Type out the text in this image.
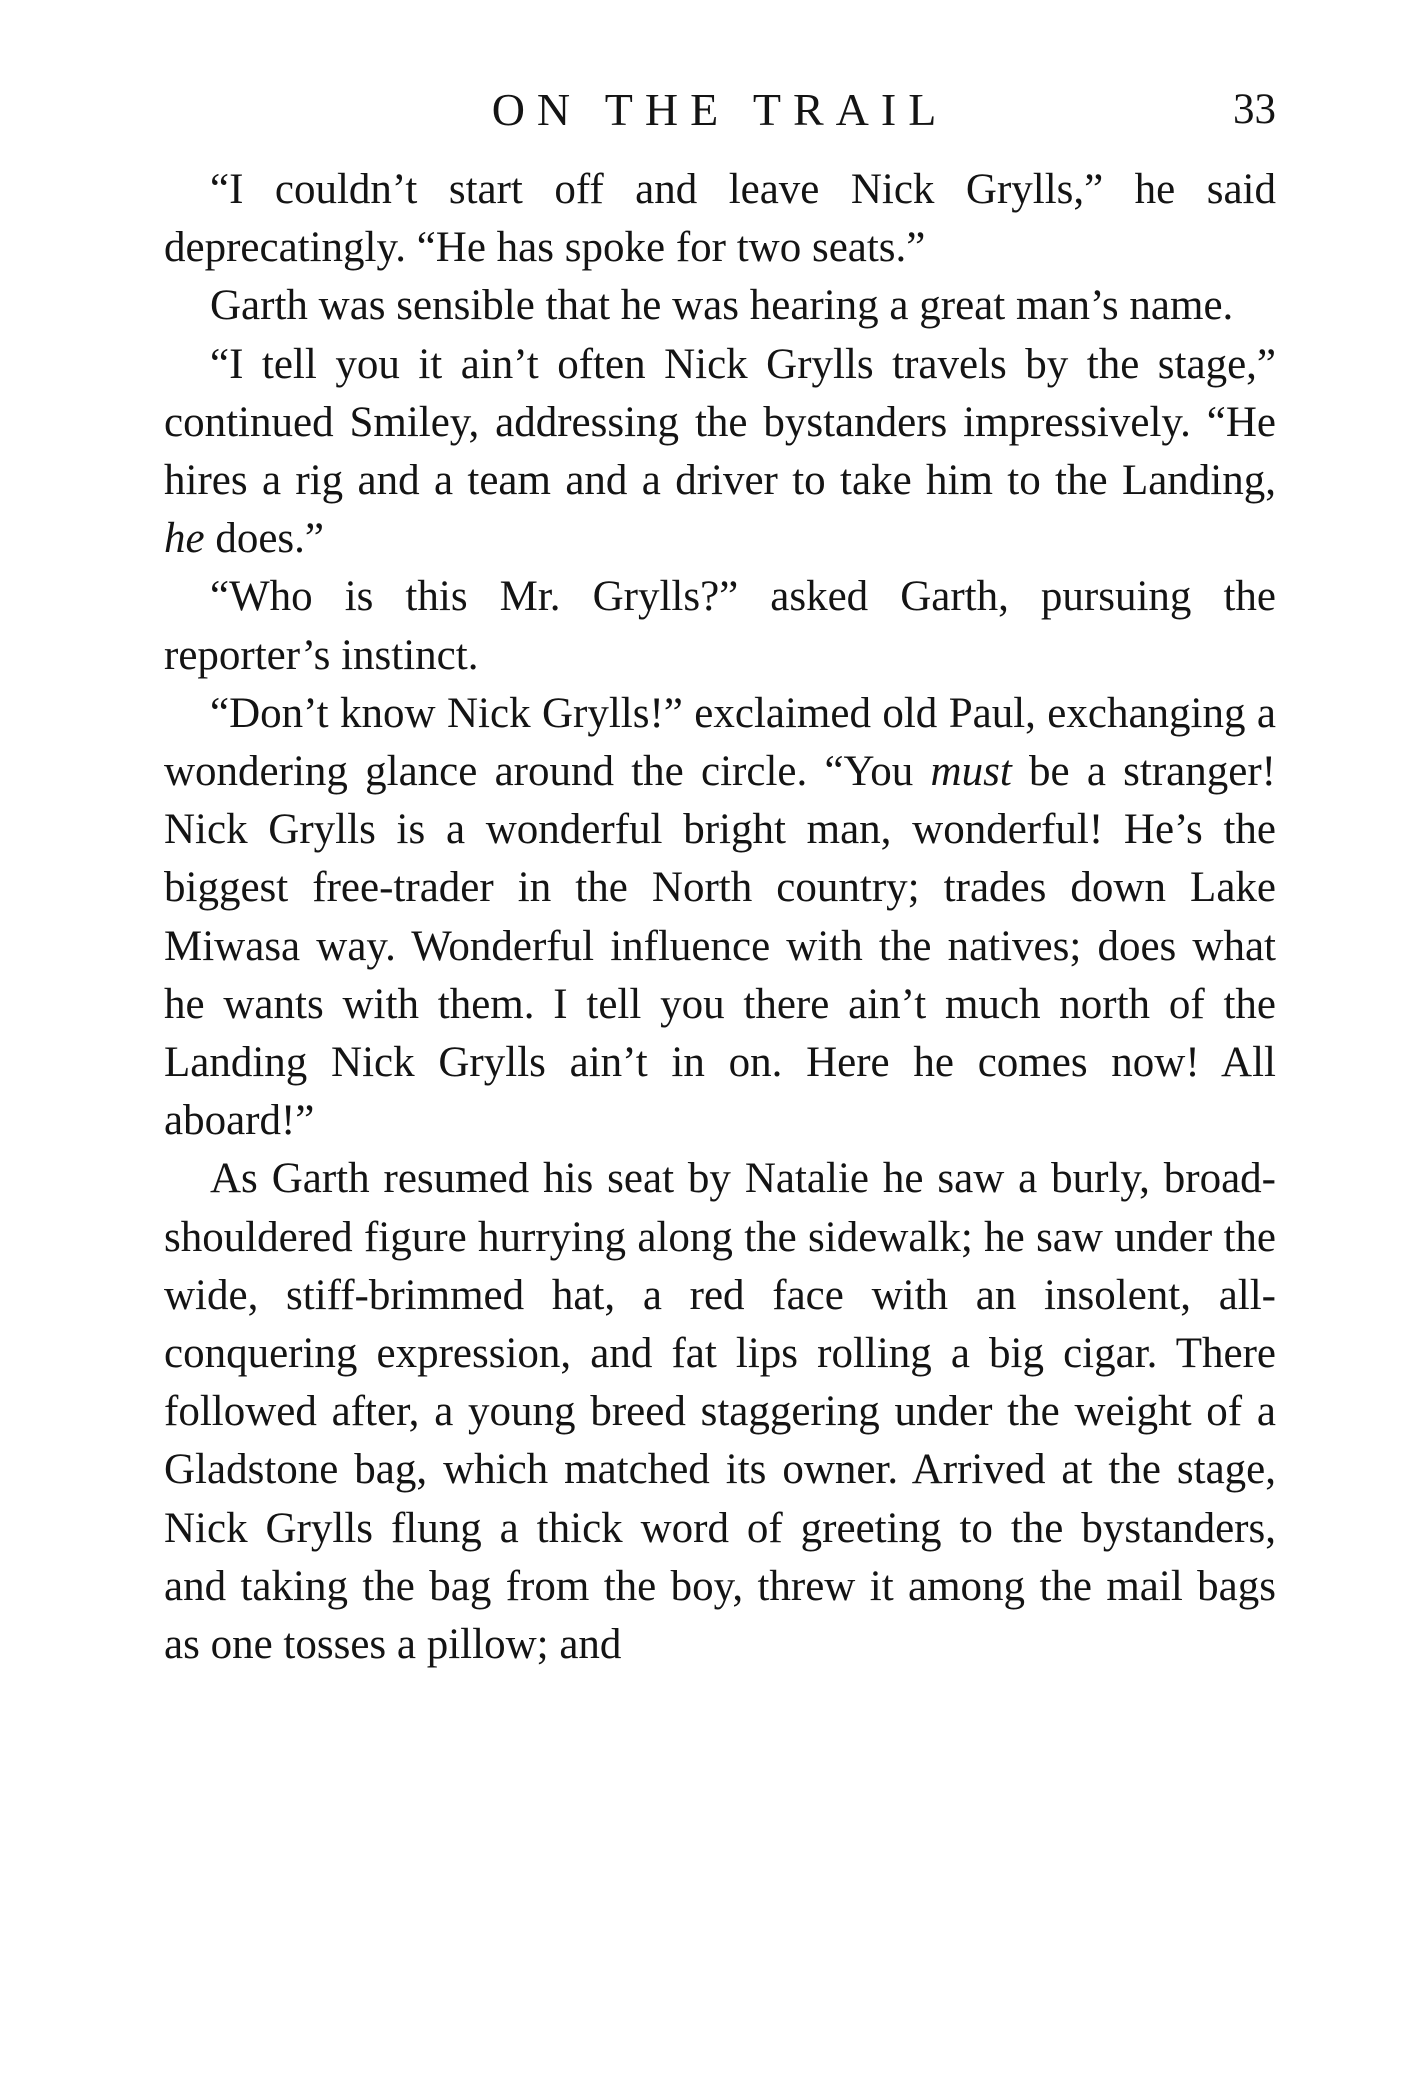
ON THE TRAIL	33

“I couldn’t start off and leave Nick Grylls,” he said deprecatingly. “He has spoke for two seats.”

Garth was sensible that he was hearing a great man’s name.

“I tell you it ain’t often Nick Grylls travels by the stage,” continued Smiley, addressing the bystanders impressively. “He hires a rig and a team and a driver to take him to the Landing, he does.”

“Who is this Mr. Grylls?” asked Garth, pursuing the reporter’s instinct.

“Don’t know Nick Grylls!” exclaimed old Paul, exchanging a wondering glance around the circle. “You must be a stranger! Nick Grylls is a wonderful bright man, wonderful! He’s the biggest free-trader in the North country; trades down Lake Miwasa way. Wonderful influence with the natives; does what he wants with them. I tell you there ain’t much north of the Landing Nick Grylls ain’t in on. Here he comes now! All aboard!”

As Garth resumed his seat by Natalie he saw a burly, broad-shouldered figure hurrying along the sidewalk; he saw under the wide, stiff-brimmed hat, a red face with an insolent, all-conquering expression, and fat lips rolling a big cigar. There followed after, a young breed staggering under the weight of a Gladstone bag, which matched its owner. Arrived at the stage, Nick Grylls flung a thick word of greeting to the bystanders, and taking the bag from the boy, threw it among the mail bags as one tosses a pillow; and
